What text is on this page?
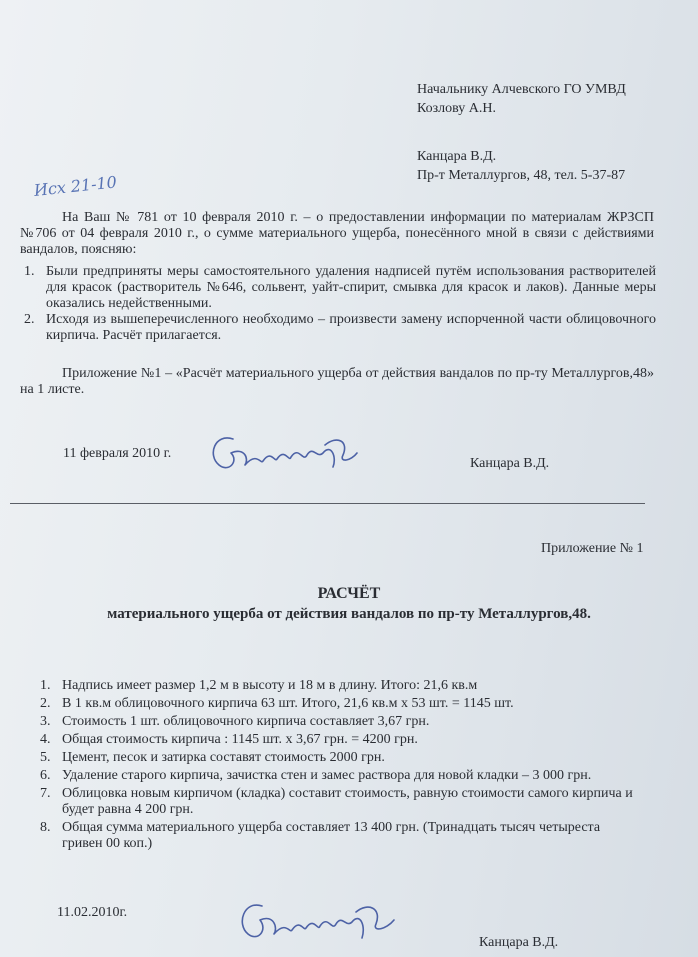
Начальнику Алчевского ГО УМВД
Козлову А.Н.
Канцара В.Д.
Пр-т Металлургов, 48, тел. 5-37-87
Исх 21-10
На Ваш № 781 от 10 февраля 2010 г. – о предоставлении информации по материалам ЖРЗСП №706 от 04 февраля 2010 г., о сумме материального ущерба, понесённого мной в связи с действиями вандалов, поясняю:
1. Были предприняты меры самостоятельного удаления надписей путём использования растворителей для красок (растворитель №646, сольвент, уайт-спирит, смывка для красок и лаков). Данные меры оказались недейственными.
2. Исходя из вышеперечисленного необходимо – произвести замену испорченной части облицовочного кирпича. Расчёт прилагается.
Приложение №1 – «Расчёт материального ущерба от действия вандалов по пр-ту Металлургов,48» на 1 листе.
11 февраля 2010 г.
Канцара В.Д.
Приложение № 1
РАСЧЁТ
материального ущерба от действия вандалов по пр-ту Металлургов,48.
1. Надпись имеет размер 1,2 м в высоту и 18 м в длину. Итого: 21,6 кв.м
2. В 1 кв.м облицовочного кирпича 63 шт. Итого, 21,6 кв.м х 53 шт. = 1145 шт.
3. Стоимость 1 шт. облицовочного кирпича составляет 3,67 грн.
4. Общая стоимость кирпича : 1145 шт. х 3,67 грн. = 4200 грн.
5. Цемент, песок и затирка составят стоимость 2000 грн.
6. Удаление старого кирпича, зачистка стен и замес раствора для новой кладки – 3 000 грн.
7. Облицовка новым кирпичом (кладка) составит стоимость, равную стоимости самого кирпича и будет равна 4 200 грн.
8. Общая сумма материального ущерба составляет 13 400 грн. (Тринадцать тысяч четыреста гривен 00 коп.)
11.02.2010г.
Канцара В.Д.
